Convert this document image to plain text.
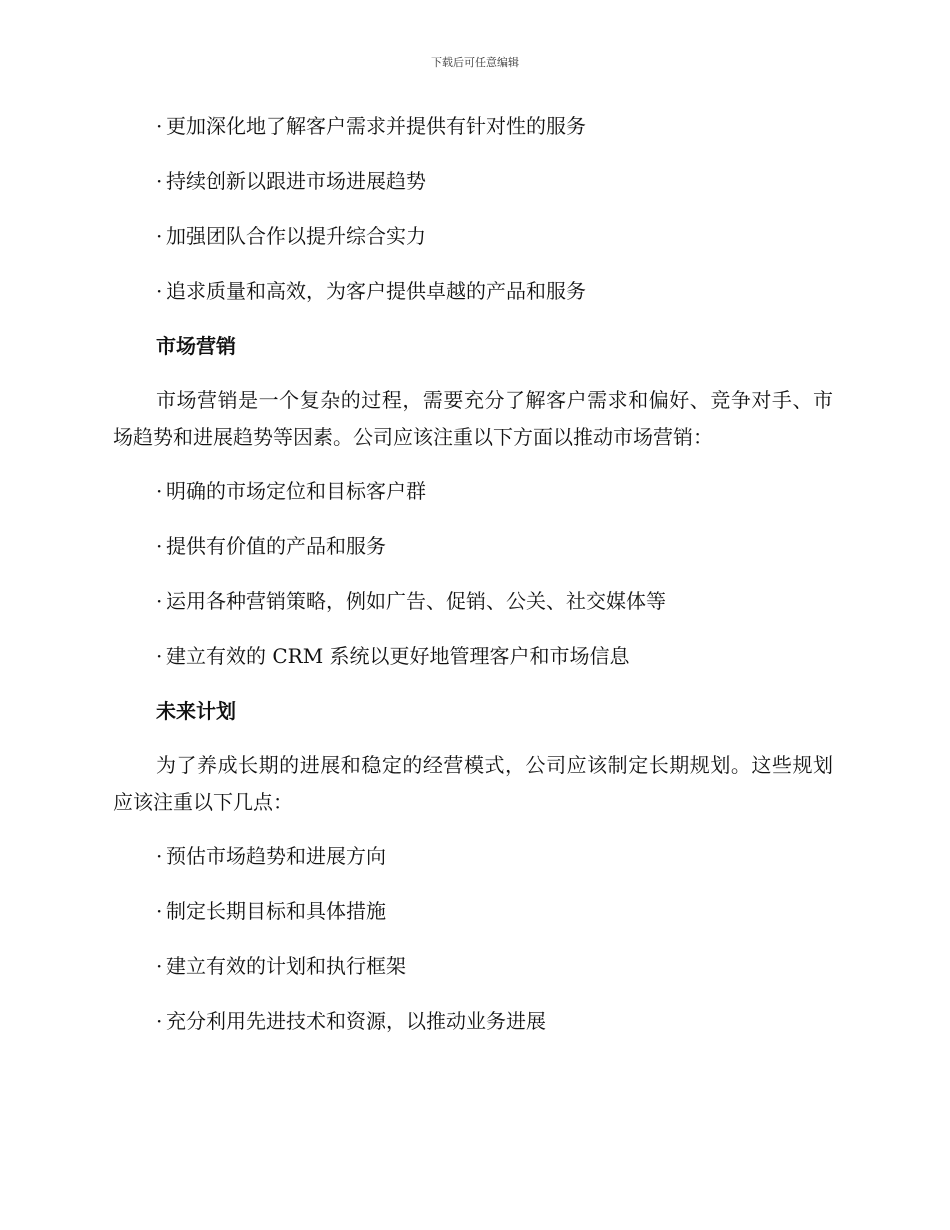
下载后可任意编辑
· 更加深化地了解客户需求并提供有针对性的服务
· 持续创新以跟进市场进展趋势
· 加强团队合作以提升综合实力
· 追求质量和高效，为客户提供卓越的产品和服务
市场营销

市场营销是一个复杂的过程，需要充分了解客户需求和偏好、竞争对手、市场趋势和进展趋势等因素。公司应该注重以下方面以推动市场营销：

· 明确的市场定位和目标客户群
· 提供有价值的产品和服务
· 运用各种营销策略，例如广告、促销、公关、社交媒体等
· 建立有效的 CRM 系统以更好地管理客户和市场信息
未来计划

为了养成长期的进展和稳定的经营模式，公司应该制定长期规划。这些规划应该注重以下几点：

· 预估市场趋势和进展方向
· 制定长期目标和具体措施
· 建立有效的计划和执行框架
· 充分利用先进技术和资源，以推动业务进展
